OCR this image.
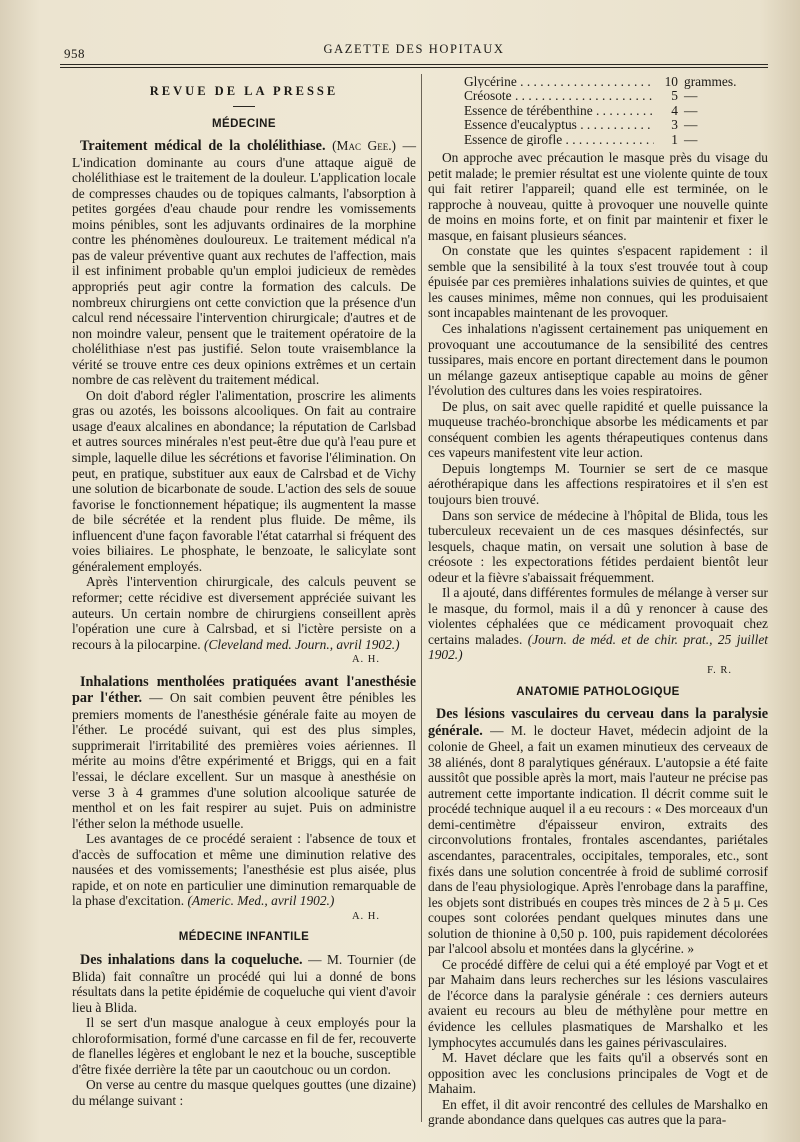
958	GAZETTE DES HOPITAUX
REVUE DE LA PRESSE
MÉDECINE

Traitement médical de la cholélithiase. (Mac Gee.) — L'indication dominante au cours d'une attaque aiguë de cholélithiase est le traitement de la douleur. L'application locale de compresses chaudes ou de topiques calmants, l'absorption à petites gorgées d'eau chaude pour rendre les vomissements moins pénibles, sont les adjuvants ordinaires de la morphine contre les phénomènes douloureux. Le traitement médical n'a pas de valeur préventive quant aux rechutes de l'affection, mais il est infiniment probable qu'un emploi judicieux de remèdes appropriés peut agir contre la formation des calculs. De nombreux chirurgiens ont cette conviction que la présence d'un calcul rend nécessaire l'intervention chirurgicale; d'autres et de non moindre valeur, pensent que le traitement opératoire de la cholélithiase n'est pas justifié. Selon toute vraisemblance la vérité se trouve entre ces deux opinions extrêmes et un certain nombre de cas relèvent du traitement médical.

On doit d'abord régler l'alimentation, proscrire les aliments gras ou azotés, les boissons alcooliques. On fait au contraire usage d'eaux alcalines en abondance; la réputation de Carlsbad et autres sources minérales n'est peut-être due qu'à l'eau pure et simple, laquelle dilue les sécrétions et favorise l'élimination. On peut, en pratique, substituer aux eaux de Calrsbad et de Vichy une solution de bicarbonate de soude. L'action des sels de souue favorise le fonctionnement hépatique; ils augmentent la masse de bile sécrétée et la rendent plus fluide. De même, ils influencent d'une façon favorable l'état catarrhal si fréquent des voies biliaires. Le phosphate, le benzoate, le salicylate sont généralement employés.

Après l'intervention chirurgicale, des calculs peuvent se reformer; cette récidive est diversement appréciée suivant les auteurs. Un certain nombre de chirurgiens conseillent après l'opération une cure à Calrsbad, et si l'ictère persiste on a recours à la pilocarpine. (Cleveland med. Journ., avril 1902.)

A. H.

Inhalations mentholées pratiquées avant l'anesthésie par l'éther. — On sait combien peuvent être pénibles les premiers moments de l'anesthésie générale faite au moyen de l'éther. Le procédé suivant, qui est des plus simples, supprimerait l'irritabilité des premières voies aériennes. Il mérite au moins d'être expérimenté et Briggs, qui en a fait l'essai, le déclare excellent. Sur un masque à anesthésie on verse 3 à 4 grammes d'une solution alcoolique saturée de menthol et on les fait respirer au sujet. Puis on administre l'éther selon la méthode usuelle.

Les avantages de ce procédé seraient : l'absence de toux et d'accès de suffocation et même une diminution relative des nausées et des vomissements; l'anesthésie est plus aisée, plus rapide, et on note en particulier une diminution remarquable de la phase d'excitation. (Americ. Med., avril 1902.)

A. H.
MÉDECINE INFANTILE

Des inhalations dans la coqueluche. — M. Tournier (de Blida) fait connaître un procédé qui lui a donné de bons résultats dans la petite épidémie de coqueluche qui vient d'avoir lieu à Blida.

Il se sert d'un masque analogue à ceux employés pour la chloroformisation, formé d'une carcasse en fil de fer, recouverte de flanelles légères et englobant le nez et la bouche, susceptible d'être fixée derrière la tête par un caoutchouc ou un cordon.

On verse au centre du masque quelques gouttes (une dizaine) du mélange suivant :

Glycérine . . .	10 grammes.
Créosote . . .	5 —
Essence de térébenthine . . .	4 —
Essence d'eucalyptus . . .	3 —
Essence de girofle . . .	1 —

On approche avec précaution le masque près du visage du petit malade; le premier résultat est une violente quinte de toux qui fait retirer l'appareil; quand elle est terminée, on le rapproche à nouveau, quitte à provoquer une nouvelle quinte de moins en moins forte, et on finit par maintenir et fixer le masque, en faisant plusieurs séances.

On constate que les quintes s'espacent rapidement : il semble que la sensibilité à la toux s'est trouvée tout à coup épuisée par ces premières inhalations suivies de quintes, et que les causes minimes, même non connues, qui les produisaient sont incapables maintenant de les provoquer.

Ces inhalations n'agissent certainement pas uniquement en provoquant une accoutumance de la sensibilité des centres tussipares, mais encore en portant directement dans le poumon un mélange gazeux antiseptique capable au moins de gêner l'évolution des cultures dans les voies respiratoires.

De plus, on sait avec quelle rapidité et quelle puissance la muqueuse trachéo-bronchique absorbe les médicaments et par conséquent combien les agents thérapeutiques contenus dans ces vapeurs manifestent vite leur action.

Depuis longtemps M. Tournier se sert de ce masque aérothérapique dans les affections respiratoires et il s'en est toujours bien trouvé.

Dans son service de médecine à l'hôpital de Blida, tous les tuberculeux recevaient un de ces masques désinfectés, sur lesquels, chaque matin, on versait une solution à base de créosote : les expectorations fétides perdaient bientôt leur odeur et la fièvre s'abaissait fréquemment.

Il a ajouté, dans différentes formules de mélange à verser sur le masque, du formol, mais il a dû y renoncer à cause des violentes céphalées que ce médicament provoquait chez certains malades. (Journ. de méd. et de chir. prat., 25 juillet 1902.)

F. R.
ANATOMIE PATHOLOGIQUE

Des lésions vasculaires du cerveau dans la paralysie générale. — M. le docteur Havet, médecin adjoint de la colonie de Gheel, a fait un examen minutieux des cerveaux de 38 aliénés, dont 8 paralytiques généraux. L'autopsie a été faite aussitôt que possible après la mort, mais l'auteur ne précise pas autrement cette importante indication. Il décrit comme suit le procédé technique auquel il a eu recours : « Des morceaux d'un demi-centimètre d'épaisseur environ, extraits des circonvolutions frontales, frontales ascendantes, pariétales ascendantes, paracentrales, occipitales, temporales, etc., sont fixés dans une solution concentrée à froid de sublimé corrosif dans de l'eau physiologique. Après l'enrobage dans la paraffine, les objets sont distribués en coupes très minces de 2 à 5 μ. Ces coupes sont colorées pendant quelques minutes dans une solution de thionine à 0,50 p. 100, puis rapidement décolorées par l'alcool absolu et montées dans la glycérine. »

Ce procédé diffère de celui qui a été employé par Vogt et et par Mahaim dans leurs recherches sur les lésions vasculaires de l'écorce dans la paralysie générale : ces derniers auteurs avaient eu recours au bleu de méthylène pour mettre en évidence les cellules plasmatiques de Marshalko et les lymphocytes accumulés dans les gaines périvasculaires.

M. Havet déclare que les faits qu'il a observés sont en opposition avec les conclusions principales de Vogt et de Mahaim.

En effet, il dit avoir rencontré des cellules de Marshalko en grande abondance dans quelques cas autres que la para-
